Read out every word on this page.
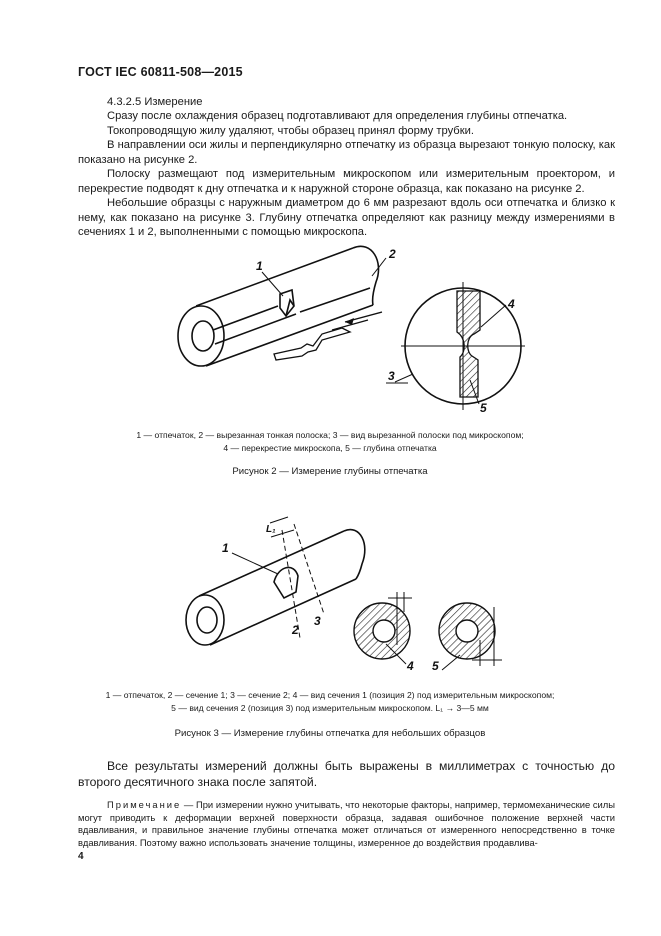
ГОСТ IEC 60811-508—2015
4.3.2.5 Измерение
Сразу после охлаждения образец подготавливают для определения глубины отпечатка.
Токопроводящую жилу удаляют, чтобы образец принял форму трубки.
В направлении оси жилы и перпендикулярно отпечатку из образца вырезают тонкую полоску, как показано на рисунке 2.
Полоску размещают под измерительным микроскопом или измерительным проектором, и перекрестие подводят к дну отпечатка и к наружной стороне образца, как показано на рисунке 2.
Небольшие образцы с наружным диаметром до 6 мм разрезают вдоль оси отпечатка и близко к нему, как показано на рисунке 3. Глубину отпечатка определяют как разницу между измерениями в сечениях 1 и 2, выполненными с помощью микроскопа.
1
2
4
5
3
1
2
3
L₁
4 5
1 — отпечаток, 2 — вырезанная тонкая полоска; 3 — вид вырезанной полоски под микроскопом;
4 — перекрестие микроскопа, 5 — глубина отпечатка
Рисунок 2 — Измерение глубины отпечатка
1 — отпечаток, 2 — сечение 1; 3 — сечение 2; 4 — вид сечения 1 (позиция 2) под измерительным микроскопом;
5 — вид сечения 2 (позиция 3) под измерительным микроскопом. L₁ → 3—5 мм
Рисунок 3 — Измерение глубины отпечатка для небольших образцов
Все результаты измерений должны быть выражены в миллиметрах с точностью до второго десятичного знака после запятой.
Примечание — При измерении нужно учитывать, что некоторые факторы, например, термомеханические силы могут приводить к деформации верхней поверхности образца, задавая ошибочное положение верхней части вдавливания, и правильное значение глубины отпечатка может отличаться от измеренного непосредственно в точке вдавливания. Поэтому важно использовать значение толщины, измеренное до воздействия продавлива-
4
